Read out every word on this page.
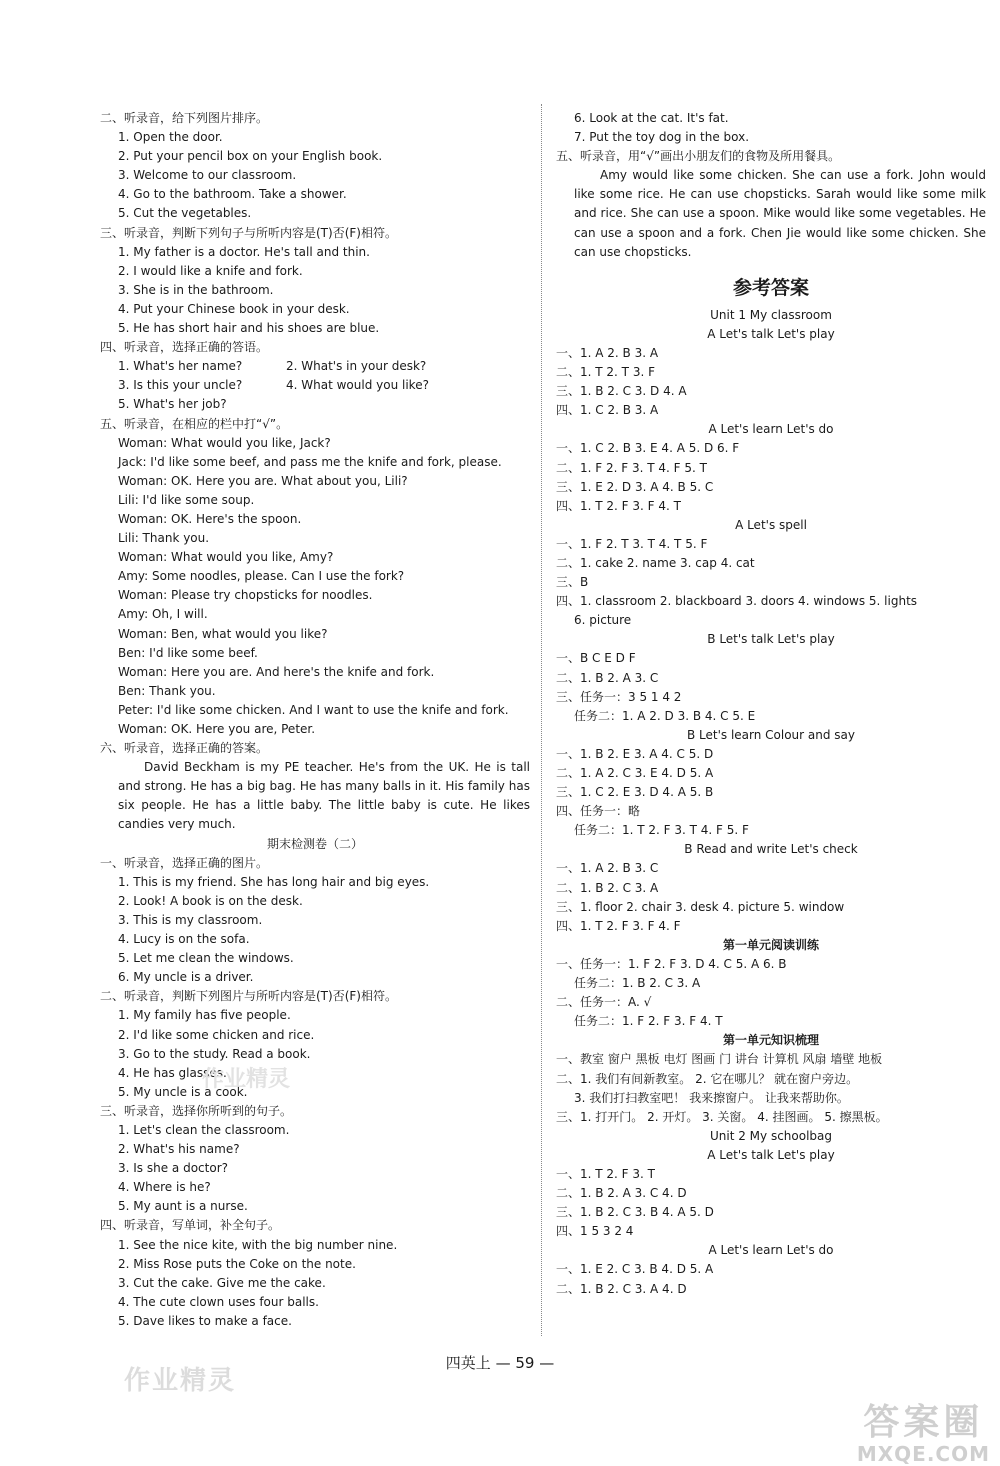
二、听录音，给下列图片排序。
1. Open the door.
2. Put your pencil box on your English book.
3. Welcome to our classroom.
4. Go to the bathroom. Take a shower.
5. Cut the vegetables.
三、听录音，判断下列句子与所听内容是(T)否(F)相符。
1. My father is a doctor. He's tall and thin.
2. I would like a knife and fork.
3. She is in the bathroom.
4. Put your Chinese book in your desk.
5. He has short hair and his shoes are blue.
四、听录音，选择正确的答语。
1. What's her name?	2. What's in your desk?
3. Is this your uncle?	4. What would you like?
5. What's her job?
五、听录音，在相应的栏中打“√”。
Woman: What would you like, Jack?
Jack: I'd like some beef, and pass me the knife and fork, please.
Woman: OK. Here you are. What about you, Lili?
Lili: I'd like some soup.
Woman: OK. Here's the spoon.
Lili: Thank you.
Woman: What would you like, Amy?
Amy: Some noodles, please. Can I use the fork?
Woman: Please try chopsticks for noodles.
Amy: Oh, I will.
Woman: Ben, what would you like?
Ben: I'd like some beef.
Woman: Here you are. And here's the knife and fork.
Ben: Thank you.
Peter: I'd like some chicken. And I want to use the knife and fork.
Woman: OK. Here you are, Peter.
六、听录音，选择正确的答案。
David Beckham is my PE teacher. He's from the UK. He is tall and strong. He has a big bag. He has many balls in it. His family has six people. He has a little baby. The little baby is cute. He likes candies very much.
期末检测卷（二）
一、听录音，选择正确的图片。
1. This is my friend. She has long hair and big eyes.
2. Look! A book is on the desk.
3. This is my classroom.
4. Lucy is on the sofa.
5. Let me clean the windows.
6. My uncle is a driver.
二、听录音，判断下列图片与所听内容是(T)否(F)相符。
1. My family has five people.
2. I'd like some chicken and rice.
3. Go to the study. Read a book.
4. He has glasses.
5. My uncle is a cook.
三、听录音，选择你所听到的句子。
1. Let's clean the classroom.
2. What's his name?
3. Is she a doctor?
4. Where is he?
5. My aunt is a nurse.
四、听录音，写单词，补全句子。
1. See the nice kite, with the big number nine.
2. Miss Rose puts the Coke on the note.
3. Cut the cake. Give me the cake.
4. The cute clown uses four balls.
5. Dave likes to make a face.
6. Look at the cat. It's fat.
7. Put the toy dog in the box.
五、听录音，用“√”画出小朋友们的食物及所用餐具。
Amy would like some chicken. She can use a fork. John would like some rice. He can use chopsticks. Sarah would like some milk and rice. She can use a spoon. Mike would like some vegetables. He can use a spoon and a fork. Chen Jie would like some chicken. She can use chopsticks.
参考答案
Unit 1 My classroom
A Let's talk Let's play
一、1. A 2. B 3. A
二、1. T 2. T 3. F
三、1. B 2. C 3. D 4. A
四、1. C 2. B 3. A
A Let's learn Let's do
一、1. C 2. B 3. E 4. A 5. D 6. F
二、1. F 2. F 3. T 4. F 5. T
三、1. E 2. D 3. A 4. B 5. C
四、1. T 2. F 3. F 4. T
A Let's spell
一、1. F 2. T 3. T 4. T 5. F
二、1. cake 2. name 3. cap 4. cat
三、B
四、1. classroom 2. blackboard 3. doors 4. windows 5. lights
6. picture
B Let's talk Let's play
一、B C E D F
二、1. B 2. A 3. C
三、任务一：3 5 1 4 2
任务二：1. A 2. D 3. B 4. C 5. E
B Let's learn Colour and say
一、1. B 2. E 3. A 4. C 5. D
二、1. A 2. C 3. E 4. D 5. A
三、1. C 2. E 3. D 4. A 5. B
四、任务一：略
任务二：1. T 2. F 3. T 4. F 5. F
B Read and write Let's check
一、1. A 2. B 3. C
二、1. B 2. C 3. A
三、1. floor 2. chair 3. desk 4. picture 5. window
四、1. T 2. F 3. F 4. F
第一单元阅读训练
一、任务一：1. F 2. F 3. D 4. C 5. A 6. B
任务二：1. B 2. C 3. A
二、任务一：A. √
任务二：1. F 2. F 3. F 4. T
第一单元知识梳理
一、教室 窗户 黑板 电灯 图画 门 讲台 计算机 风扇 墙壁 地板
二、1. 我们有间新教室。 2. 它在哪儿？ 就在窗户旁边。
3. 我们打扫教室吧！ 我来擦窗户。 让我来帮助你。
三、1. 打开门。 2. 开灯。 3. 关窗。 4. 挂图画。 5. 擦黑板。
Unit 2 My schoolbag
A Let's talk Let's play
一、1. T 2. F 3. T
二、1. B 2. A 3. C 4. D
三、1. B 2. C 3. B 4. A 5. D
四、1 5 3 2 4
A Let's learn Let's do
一、1. E 2. C 3. B 4. D 5. A
二、1. B 2. C 3. A 4. D
四英上 — 59 —
作业精灵
作业精灵
答案圈
MXQE.COM
